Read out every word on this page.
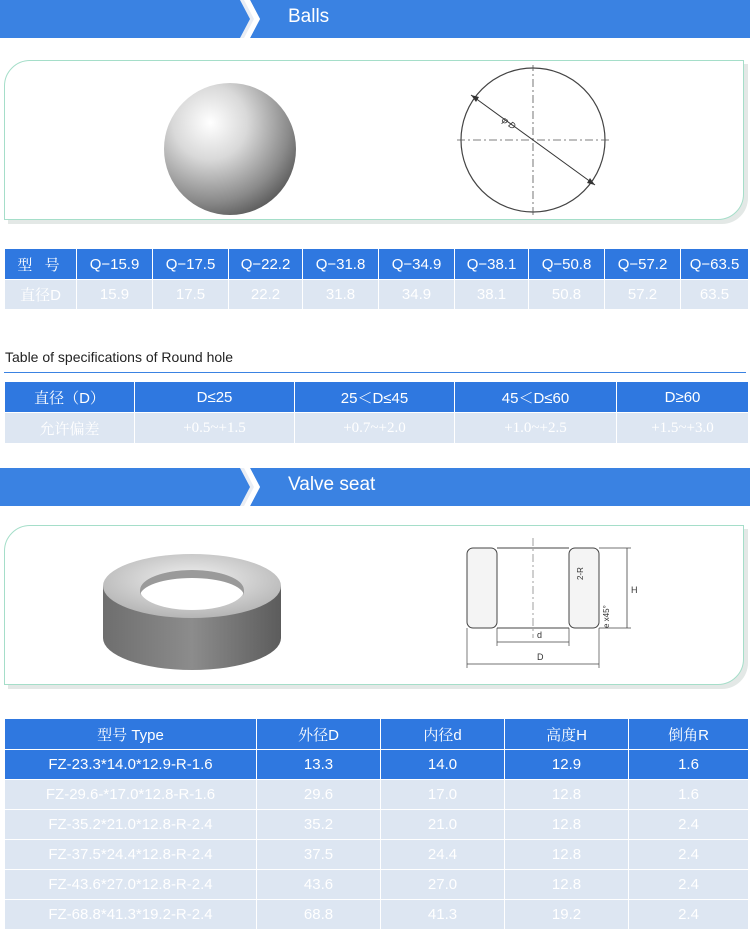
Balls
φ D
型 号	Q−15.9	Q−17.5	Q−22.2	Q−31.8	Q−34.9	Q−38.1	Q−50.8	Q−57.2	Q−63.5
直径D	15.9	17.5	22.2	31.8	34.9	38.1	50.8	57.2	63.5
Table of specifications of Round hole
直径（D）	D≤25	25＜D≤45	45＜D≤60	D≥60
允许偏差	+0.5~+1.5	+0.7~+2.0	+1.0~+2.5	+1.5~+3.0
Valve seat
H
2-R
e x45°
d
D
型号 Type	外径D	内径d	高度H	倒角R
FZ-23.3*14.0*12.9-R-1.6	13.3	14.0	12.9	1.6
FZ-29.6-*17.0*12.8-R-1.6	29.6	17.0	12.8	1.6
FZ-35.2*21.0*12.8-R-2.4	35.2	21.0	12.8	2.4
FZ-37.5*24.4*12.8-R-2.4	37.5	24.4	12.8	2.4
FZ-43.6*27.0*12.8-R-2.4	43.6	27.0	12.8	2.4
FZ-68.8*41.3*19.2-R-2.4	68.8	41.3	19.2	2.4
